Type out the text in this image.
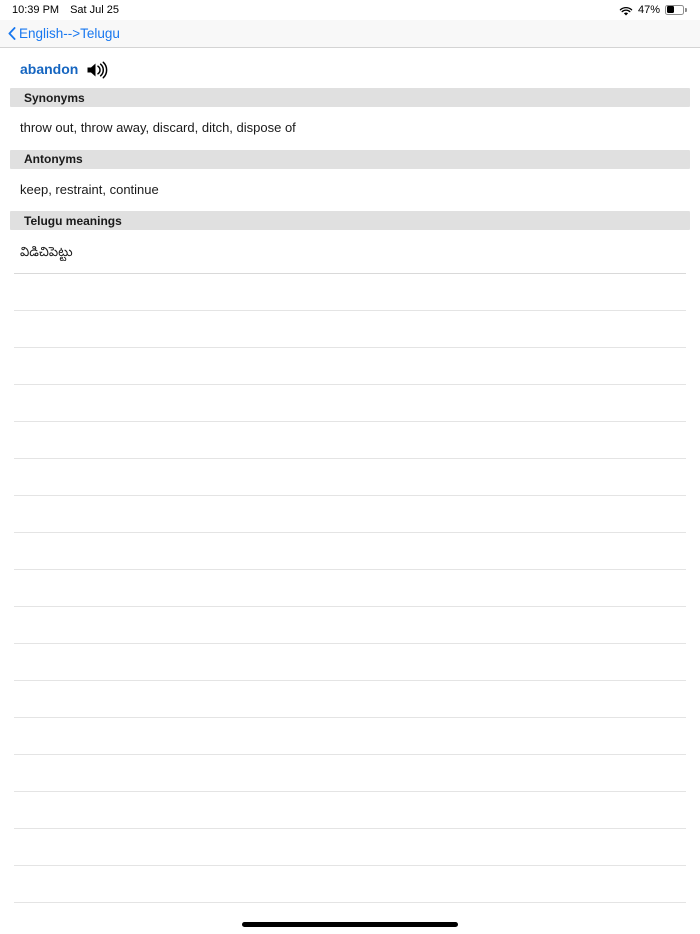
10:39 PM Sat Jul 25	47%
English-->Telugu
abandon
Synonyms
throw out, throw away, discard, ditch, dispose of
Antonyms
keep, restraint, continue
Telugu meanings
విడిచిపెట్టు
